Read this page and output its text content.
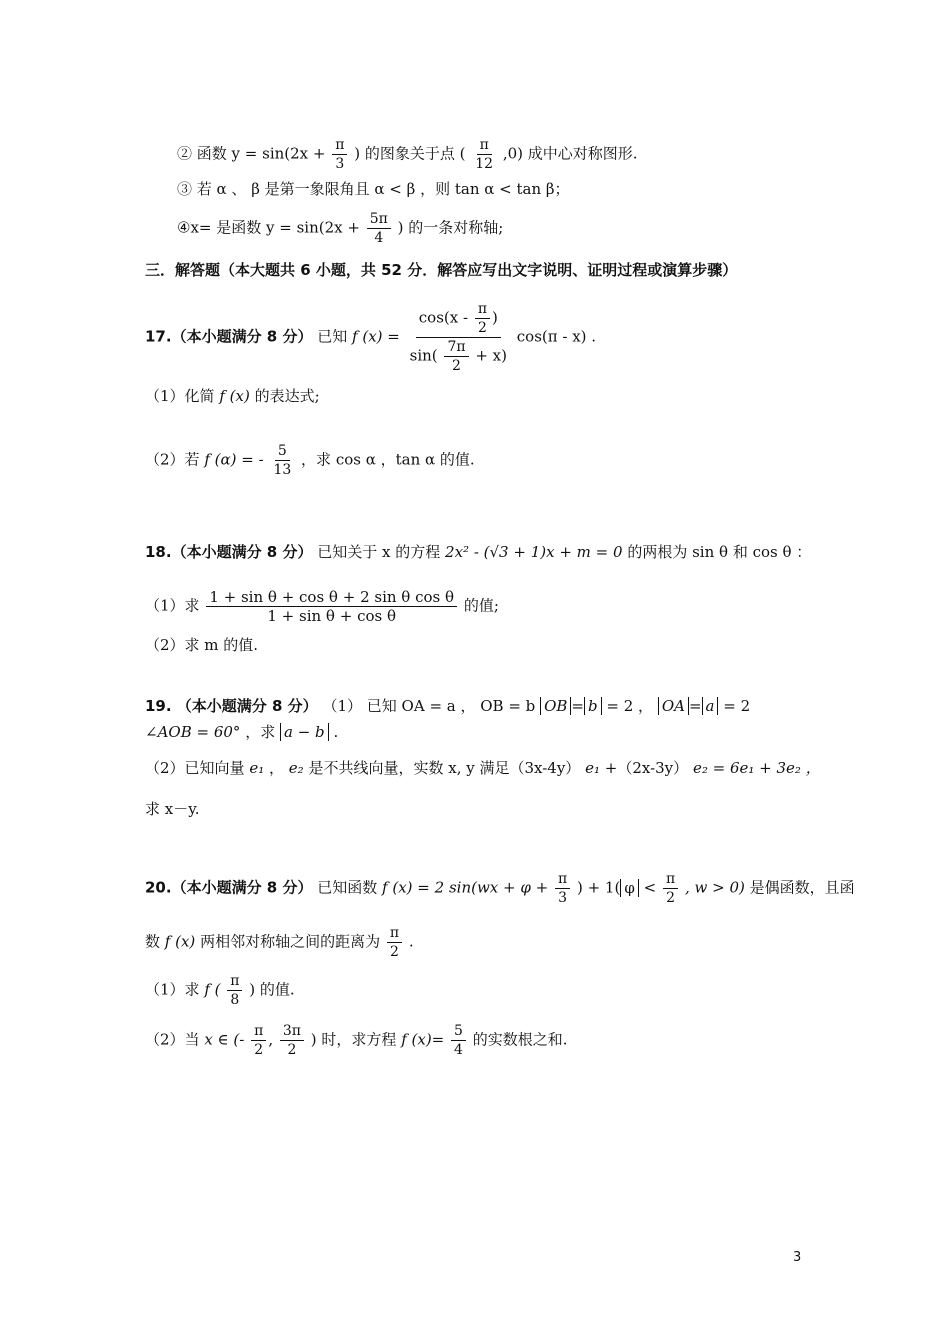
② 函数 $y = \sin(2x + \frac{\pi}{3}$ ) 的图象关于点 ( $\frac{\pi}{12} ,0$) 成中心对称图形.
③ 若 α 、 β 是第一象限角且 α < β ，则 tan α < tan β；
④x= 是函数 $y = \sin(2x + \frac{5\pi}{4}$ ) 的一条对称轴;
三．解答题（本大题共 6 小题，共 52 分．解答应写出文字说明、证明过程或演算步骤）
17.（本小题满分 8 分） 已知 f $(x) = \frac{\cos(x - \frac{\pi}{2} )}{\sin( \frac{7\pi}{2} + x)} \cos(\pi - x)$ .
（1）化简 f (x) 的表达式;
（2）若 f (α) = - $\frac{5}{13}$ ，求 cos α ，tan α 的值.
18.（本小题满分 8 分） 已知关于 x 的方程 2x² - (√3 + 1)x + m = 0 的两根为 sin θ 和 cos θ ：
（1）求 $\frac{\text{1 + sin θ + cos θ + 2 sin θ cos θ}}{\text{1 + sin θ + cos θ}}$ 的值;
（2）求 m 的值.
19. （本小题满分 8 分） （1） 已知 OA = a ， OB = b OB = b = 2 ， OA = a = 2
∠AOB = 60° ，求 a − b .
（2）已知向量 e₁ ， e₂ 是不共线向量，实数 x, y 满足（3x-4y） e₁ +（2x-3y） e₂ = 6e₁ + 3e₂ ，
求 x－y.
20.（本小题满分 8 分） 已知函数 f (x) = 2 $\sin(wx + \varphi + \frac{\pi}{3}$ ) + 1( $\varphi < \frac{\pi}{2}$ , w > 0) 是偶函数，且函
数 f (x) 两相邻对称轴之间的距离为 $\frac{\pi}{2}$ .
（1）求 f ( $\frac{\pi}{8}$ ) 的值.
（2）当 x ∈ (- $\frac{\pi}{2}$ , $\frac{3\pi}{2}$ ) 时，求方程 f $(x)= \frac{5}{4}$ 的实数根之和.
3
